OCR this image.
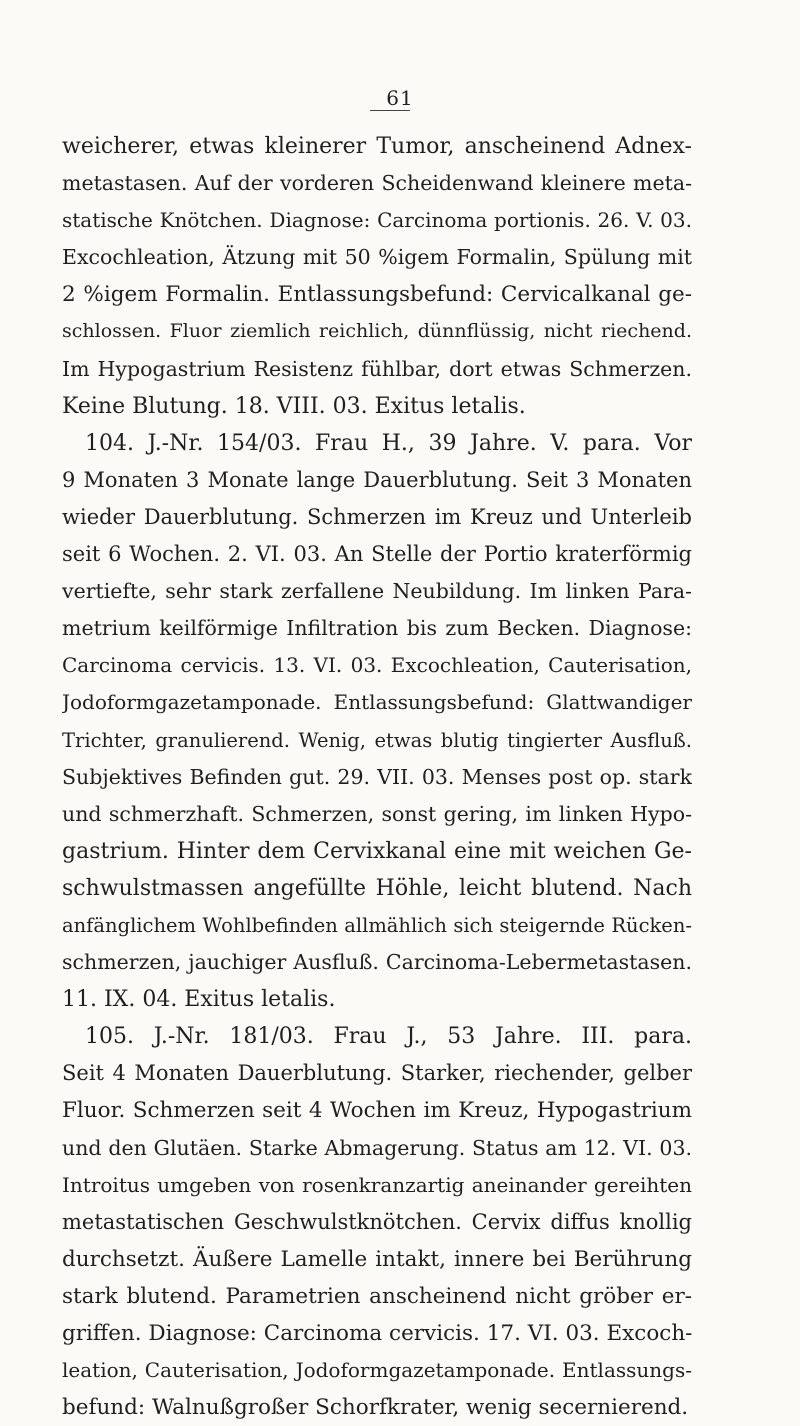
61
weicherer, etwas kleinerer Tumor, anscheinend Adnex-
metastasen. Auf der vorderen Scheidenwand kleinere meta-
statische Knötchen. Diagnose: Carcinoma portionis. 26. V. 03.
Excochleation, Ätzung mit 50 %igem Formalin, Spülung mit
2 %igem Formalin. Entlassungsbefund: Cervicalkanal ge-
schlossen. Fluor ziemlich reichlich, dünnflüssig, nicht riechend.
Im Hypogastrium Resistenz fühlbar, dort etwas Schmerzen.
Keine Blutung. 18. VIII. 03. Exitus letalis.
104. J.-Nr. 154/03. Frau H., 39 Jahre. V. para. Vor
9 Monaten 3 Monate lange Dauerblutung. Seit 3 Monaten
wieder Dauerblutung. Schmerzen im Kreuz und Unterleib
seit 6 Wochen. 2. VI. 03. An Stelle der Portio kraterförmig
vertiefte, sehr stark zerfallene Neubildung. Im linken Para-
metrium keilförmige Infiltration bis zum Becken. Diagnose:
Carcinoma cervicis. 13. VI. 03. Excochleation, Cauterisation,
Jodoformgazetamponade. Entlassungsbefund: Glattwandiger
Trichter, granulierend. Wenig, etwas blutig tingierter Ausfluß.
Subjektives Befinden gut. 29. VII. 03. Menses post op. stark
und schmerzhaft. Schmerzen, sonst gering, im linken Hypo-
gastrium. Hinter dem Cervixkanal eine mit weichen Ge-
schwulstmassen angefüllte Höhle, leicht blutend. Nach
anfänglichem Wohlbefinden allmählich sich steigernde Rücken-
schmerzen, jauchiger Ausfluß. Carcinoma-Lebermetastasen.
11. IX. 04. Exitus letalis.
105. J.-Nr. 181/03. Frau J., 53 Jahre. III. para.
Seit 4 Monaten Dauerblutung. Starker, riechender, gelber
Fluor. Schmerzen seit 4 Wochen im Kreuz, Hypogastrium
und den Glutäen. Starke Abmagerung. Status am 12. VI. 03.
Introitus umgeben von rosenkranzartig aneinander gereihten
metastatischen Geschwulstknötchen. Cervix diffus knollig
durchsetzt. Äußere Lamelle intakt, innere bei Berührung
stark blutend. Parametrien anscheinend nicht gröber er-
griffen. Diagnose: Carcinoma cervicis. 17. VI. 03. Excoch-
leation, Cauterisation, Jodoformgazetamponade. Entlassungs-
befund: Walnußgroßer Schorfkrater, wenig secernierend.
